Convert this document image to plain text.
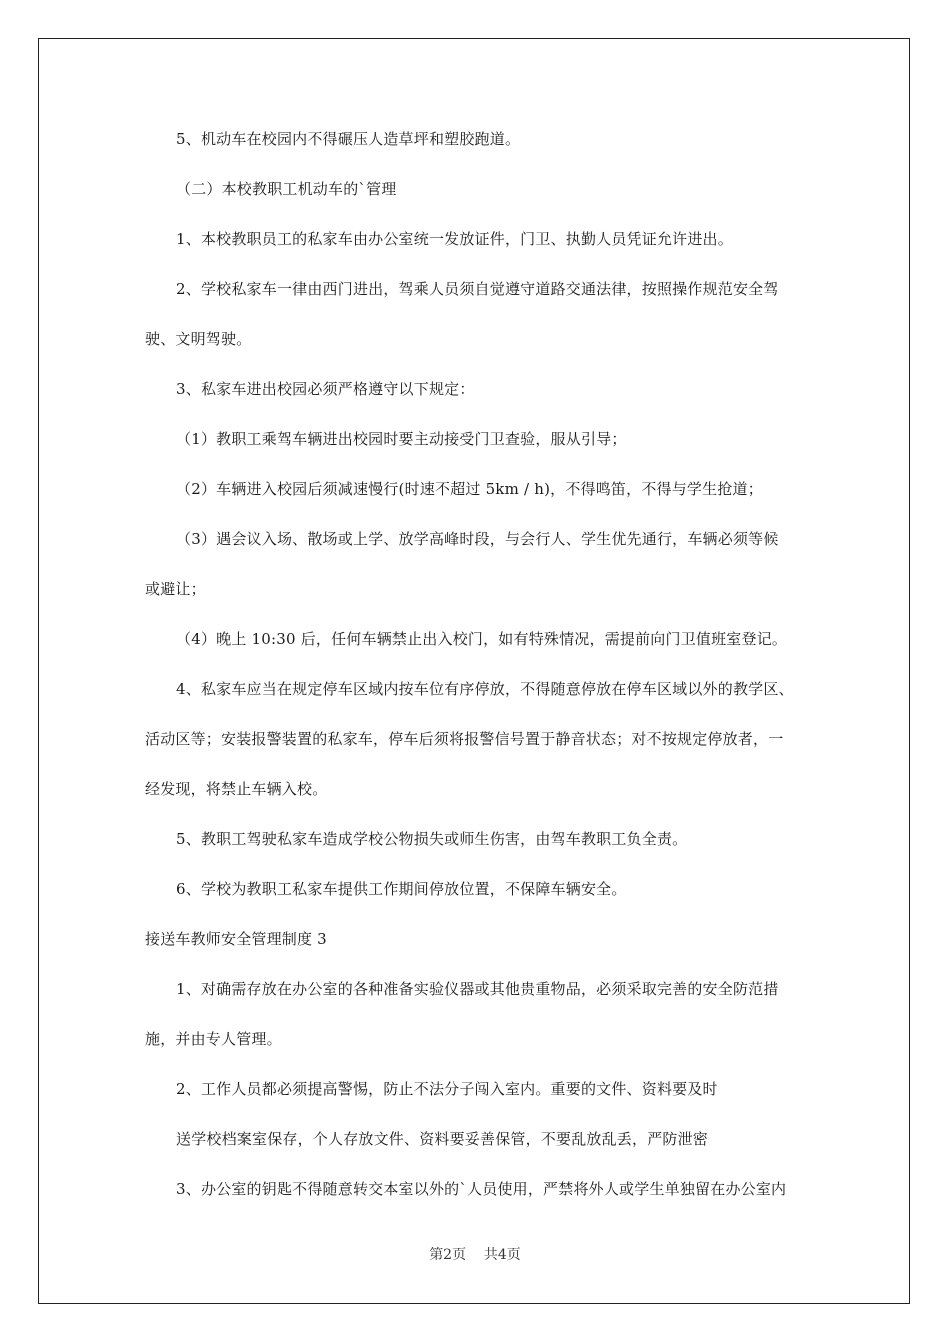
5、机动车在校园内不得碾压人造草坪和塑胶跑道。
（二）本校教职工机动车的`管理
1、本校教职员工的私家车由办公室统一发放证件，门卫、执勤人员凭证允许进出。
2、学校私家车一律由西门进出，驾乘人员须自觉遵守道路交通法律，按照操作规范安全驾
驶、文明驾驶。
3、私家车进出校园必须严格遵守以下规定：
（1）教职工乘驾车辆进出校园时要主动接受门卫查验，服从引导；
（2）车辆进入校园后须减速慢行(时速不超过 5km / h)，不得鸣笛，不得与学生抢道；
（3）遇会议入场、散场或上学、放学高峰时段，与会行人、学生优先通行，车辆必须等候
或避让；
（4）晚上 10:30 后，任何车辆禁止出入校门，如有特殊情况，需提前向门卫值班室登记。
4、私家车应当在规定停车区域内按车位有序停放，不得随意停放在停车区域以外的教学区、
活动区等；安装报警装置的私家车，停车后须将报警信号置于静音状态；对不按规定停放者，一
经发现，将禁止车辆入校。
5、教职工驾驶私家车造成学校公物损失或师生伤害，由驾车教职工负全责。
6、学校为教职工私家车提供工作期间停放位置，不保障车辆安全。
接送车教师安全管理制度 3
1、对确需存放在办公室的各种准备实验仪器或其他贵重物品，必须采取完善的安全防范措
施，并由专人管理。
2、工作人员都必须提高警惕，防止不法分子闯入室内。重要的文件、资料要及时
送学校档案室保存，个人存放文件、资料要妥善保管，不要乱放乱丢，严防泄密
3、办公室的钥匙不得随意转交本室以外的`人员使用，严禁将外人或学生单独留在办公室内
第2页    共4页
